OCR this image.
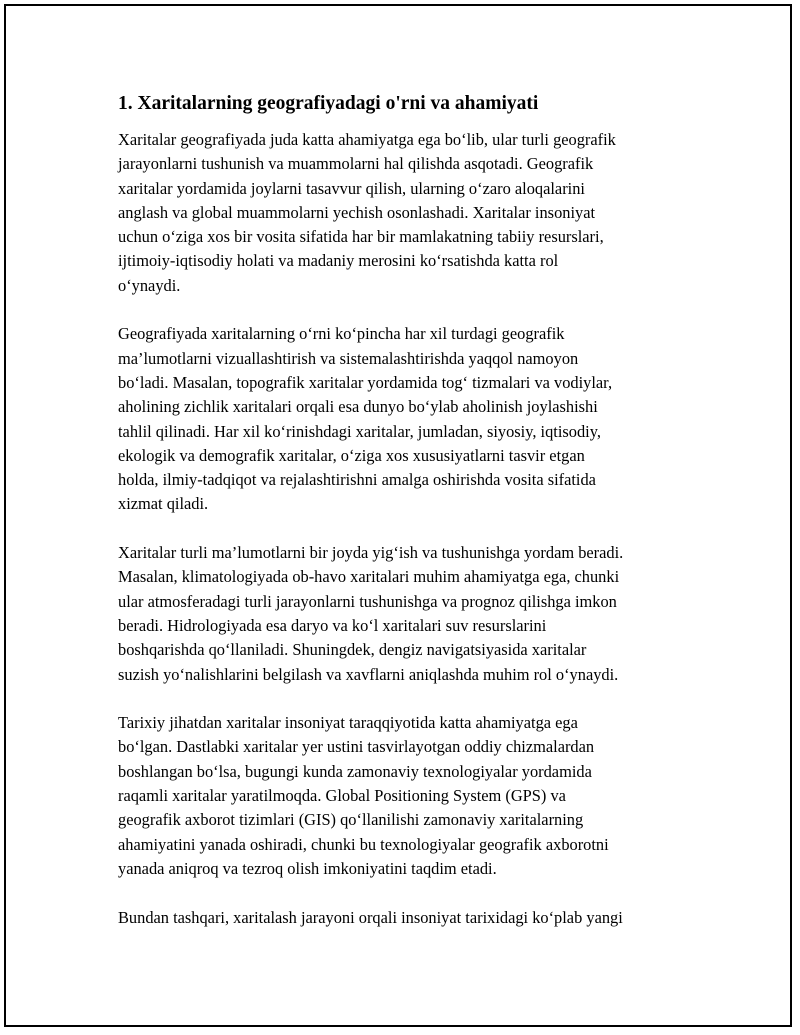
1. Xaritalarning geografiyadagi o'rni va ahamiyati

Xaritalar geografiyada juda katta ahamiyatga ega bo‘lib, ular turli geografik
jarayonlarni tushunish va muammolarni hal qilishda asqotadi. Geografik
xaritalar yordamida joylarni tasavvur qilish, ularning o‘zaro aloqalarini
anglash va global muammolarni yechish osonlashadi. Xaritalar insoniyat
uchun o‘ziga xos bir vosita sifatida har bir mamlakatning tabiiy resurslari,
ijtimoiy-iqtisodiy holati va madaniy merosini ko‘rsatishda katta rol
o‘ynaydi.

Geografiyada xaritalarning o‘rni ko‘pincha har xil turdagi geografik
ma’lumotlarni vizuallashtirish va sistemalashtirishda yaqqol namoyon
bo‘ladi. Masalan, topografik xaritalar yordamida tog‘ tizmalari va vodiylar,
aholining zichlik xaritalari orqali esa dunyo bo‘ylab aholinish joylashishi
tahlil qilinadi. Har xil ko‘rinishdagi xaritalar, jumladan, siyosiy, iqtisodiy,
ekologik va demografik xaritalar, o‘ziga xos xususiyatlarni tasvir etgan
holda, ilmiy-tadqiqot va rejalashtirishni amalga oshirishda vosita sifatida
xizmat qiladi.

Xaritalar turli ma’lumotlarni bir joyda yig‘ish va tushunishga yordam beradi.
Masalan, klimatologiyada ob-havo xaritalari muhim ahamiyatga ega, chunki
ular atmosferadagi turli jarayonlarni tushunishga va prognoz qilishga imkon
beradi. Hidrologiyada esa daryo va ko‘l xaritalari suv resurslarini
boshqarishda qo‘llaniladi. Shuningdek, dengiz navigatsiyasida xaritalar
suzish yo‘nalishlarini belgilash va xavflarni aniqlashda muhim rol o‘ynaydi.

Tarixiy jihatdan xaritalar insoniyat taraqqiyotida katta ahamiyatga ega
bo‘lgan. Dastlabki xaritalar yer ustini tasvirlayotgan oddiy chizmalardan
boshlangan bo‘lsa, bugungi kunda zamonaviy texnologiyalar yordamida
raqamli xaritalar yaratilmoqda. Global Positioning System (GPS) va
geografik axborot tizimlari (GIS) qo‘llanilishi zamonaviy xaritalarning
ahamiyatini yanada oshiradi, chunki bu texnologiyalar geografik axborotni
yanada aniqroq va tezroq olish imkoniyatini taqdim etadi.

Bundan tashqari, xaritalash jarayoni orqali insoniyat tarixidagi ko‘plab yangi
